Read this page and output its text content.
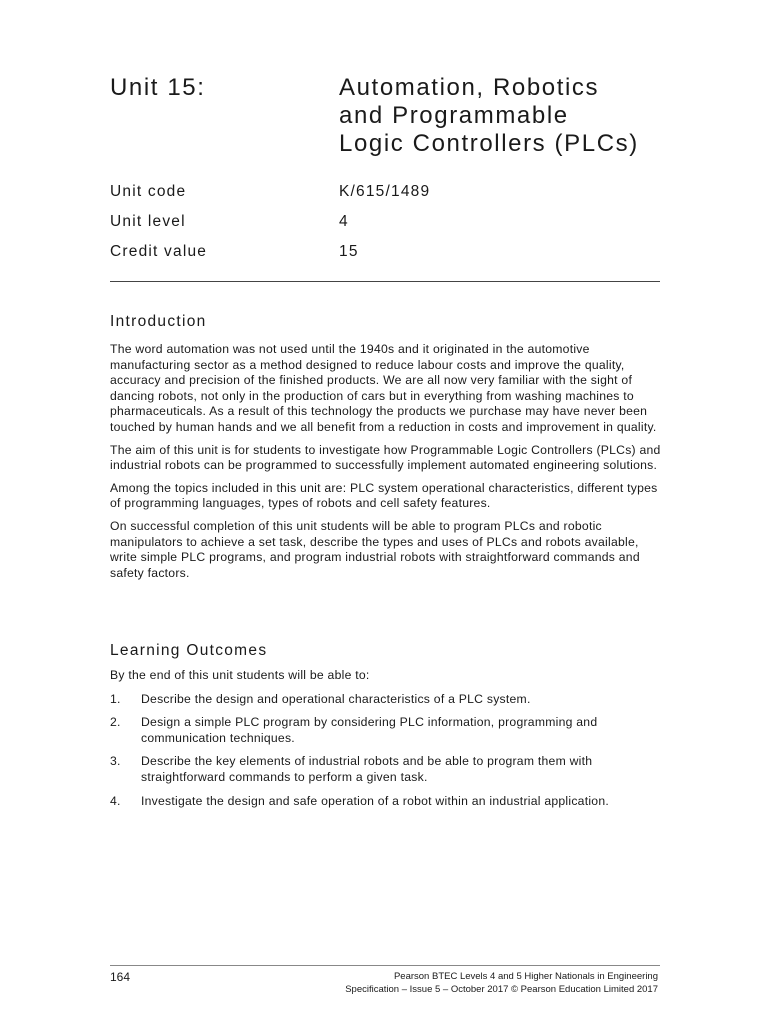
Unit 15:	Automation, Robotics
and Programmable
Logic Controllers (PLCs)
Unit code	K/615/1489
Unit level	4
Credit value	15
Introduction

The word automation was not used until the 1940s and it originated in the automotive manufacturing sector as a method designed to reduce labour costs and improve the quality, accuracy and precision of the finished products. We are all now very familiar with the sight of dancing robots, not only in the production of cars but in everything from washing machines to pharmaceuticals. As a result of this technology the products we purchase may have never been touched by human hands and we all benefit from a reduction in costs and improvement in quality.

The aim of this unit is for students to investigate how Programmable Logic Controllers (PLCs) and industrial robots can be programmed to successfully implement automated engineering solutions.

Among the topics included in this unit are: PLC system operational characteristics, different types of programming languages, types of robots and cell safety features.

On successful completion of this unit students will be able to program PLCs and robotic manipulators to achieve a set task, describe the types and uses of PLCs and robots available, write simple PLC programs, and program industrial robots with straightforward commands and safety factors.

Learning Outcomes

By the end of this unit students will be able to:

1. Describe the design and operational characteristics of a PLC system.
2. Design a simple PLC program by considering PLC information, programming and communication techniques.
3. Describe the key elements of industrial robots and be able to program them with straightforward commands to perform a given task.
4. Investigate the design and safe operation of a robot within an industrial application.
164	Pearson BTEC Levels 4 and 5 Higher Nationals in Engineering
Specification – Issue 5 – October 2017 © Pearson Education Limited 2017
